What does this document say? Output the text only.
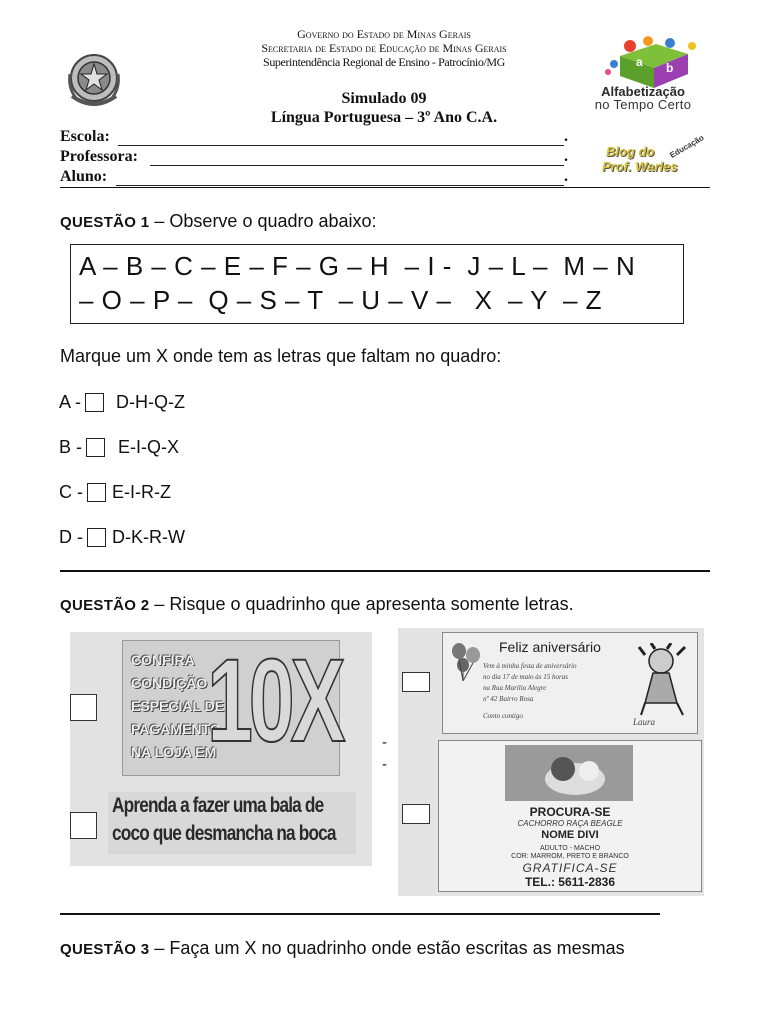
Governo do Estado de Minas Gerais
Secretaria de Estado de Educação de Minas Gerais
Superintendência Regional de Ensino - Patrocínio/MG
Simulado 09
Língua Portuguesa – 3º Ano C.A.
a b
Alfabetização
no Tempo Certo
Blog do
Prof. Warles
Educação
Escola:	.
Professora:	.
Aluno:	.
QUESTÃO 1 – Observe o quadro abaixo:
A – B – C – E – F – G – H  – I -  J – L –  M – N
– O – P –  Q – S – T  – U – V –   X  – Y  – Z
Marque um X onde tem as letras que faltam no quadro:
A - D-H-Q-Z
B - E-I-Q-X
C - E-I-R-Z
D - D-K-R-W
QUESTÃO 2 – Risque o quadrinho que apresenta somente letras.
CONFIRA
CONDIÇÃO
ESPECIAL DE
PAGAMENTO
NA LOJA EM
10X
Aprenda a fazer uma bala de
coco que desmancha na boca
-
-
Feliz aniversário
Vem à minha festa de aniversário
no dia 17 de maio às 15 horas
na Rua Marília Alegre
nº 42 Bairro Rosa
Conto contigo
Laura
PROCURA-SE
CACHORRO RAÇA BEAGLE
NOME DIVI
ADULTO - MACHO
COR: MARROM, PRETO E BRANCO
GRATIFICA-SE
TEL.: 5611-2836
QUESTÃO 3 – Faça um X no quadrinho onde estão escritas as mesmas
